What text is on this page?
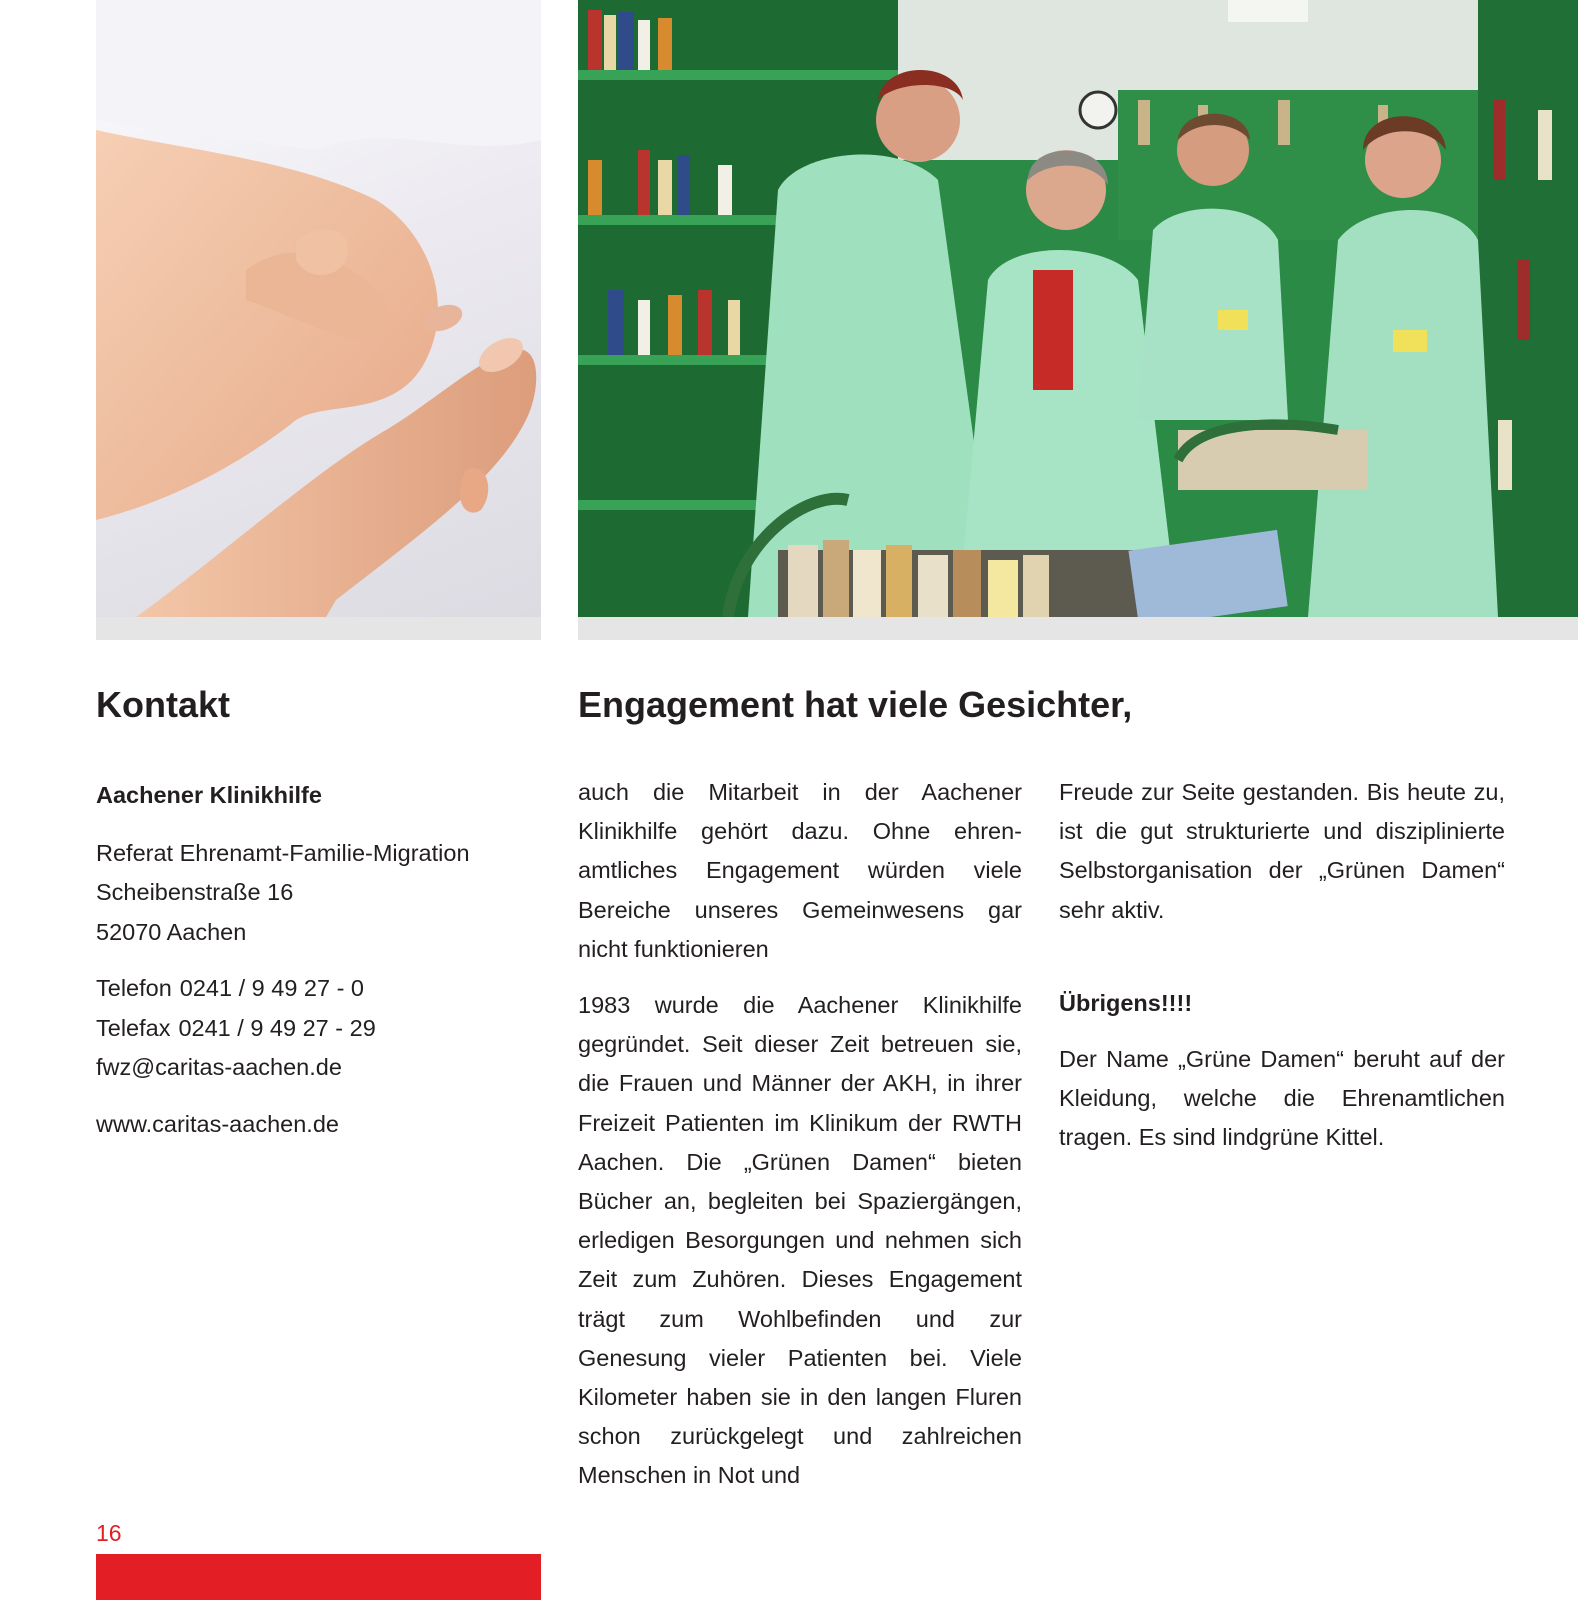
Kontakt	Engagement hat viele Gesichter,

Aachener Klinikhilfe

Referat Ehrenamt-Familie-Migration

Scheibenstraße 16

52070 Aachen

Telefon 0241 / 9 49 27 - 0

Telefax 0241 / 9 49 27 - 29

fwz@caritas-aachen.de

www.caritas-aachen.de

auch die Mitarbeit in der Aachener Klinikhilfe gehört dazu. Ohne ehrenamtliches Engagement würden viele Bereiche unseres Gemeinwesens gar nicht funktionieren

1983 wurde die Aachener Klinikhilfe gegründet. Seit dieser Zeit betreuen sie, die Frauen und Männer der AKH, in ihrer Freizeit Patienten im Klinikum der RWTH Aachen. Die „Grünen Damen“ bieten Bücher an, begleiten bei Spaziergängen, erledigen Besorgungen und nehmen sich Zeit zum Zuhören. Dieses Engagement trägt zum Wohlbefinden und zur Genesung vieler Patienten bei. Viele Kilometer haben sie in den langen Fluren schon zurückgelegt und zahlreichen Menschen in Not und

Freude zur Seite gestanden. Bis heute zu, ist die gut strukturierte und disziplinierte Selbstorganisation der „Grünen Damen“ sehr aktiv.

Übrigens!!!!

Der Name „Grüne Damen“ beruht auf der Kleidung, welche die Ehrenamtlichen tragen. Es sind lindgrüne Kittel.

16
